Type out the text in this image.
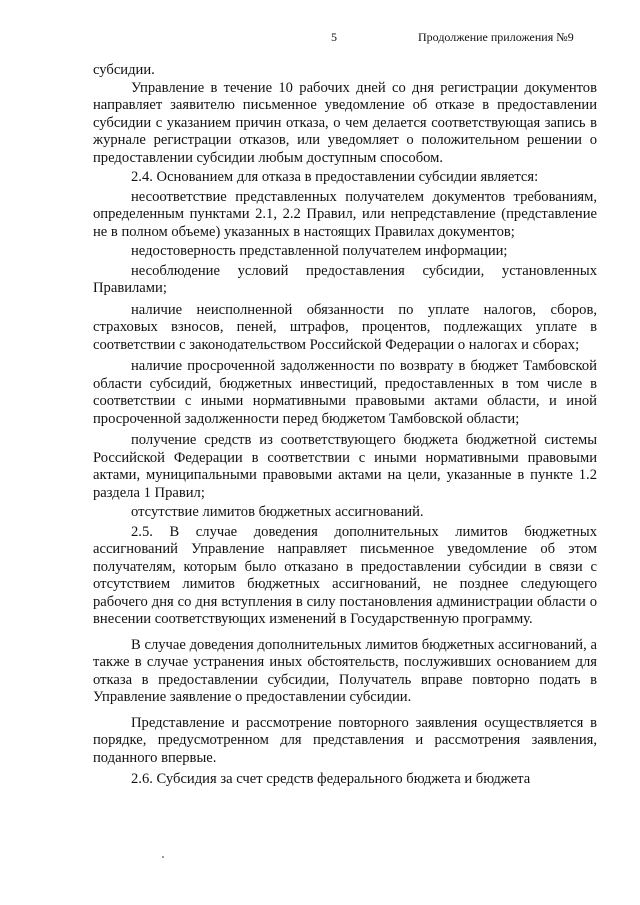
5	Продолжение приложения №9

субсидии.

Управление в течение 10 рабочих дней со дня регистрации документов направляет заявителю письменное уведомление об отказе в предоставлении субсидии с указанием причин отказа, о чем делается соответствующая запись в журнале регистрации отказов, или уведомляет о положительном решении о предоставлении субсидии любым доступным способом.

2.4. Основанием для отказа в предоставлении субсидии является:

несоответствие представленных получателем документов требованиям, определенным пунктами 2.1, 2.2 Правил, или непредставление (представление не в полном объеме) указанных в настоящих Правилах документов;

недостоверность представленной получателем информации;

несоблюдение условий предоставления субсидии, установленных Правилами;

наличие неисполненной обязанности по уплате налогов, сборов, страховых взносов, пеней, штрафов, процентов, подлежащих уплате в соответствии с законодательством Российской Федерации о налогах и сборах;

наличие просроченной задолженности по возврату в бюджет Тамбовской области субсидий, бюджетных инвестиций, предоставленных в том числе в соответствии с иными нормативными правовыми актами области, и иной просроченной задолженности перед бюджетом Тамбовской области;

получение средств из соответствующего бюджета бюджетной системы Российской Федерации в соответствии с иными нормативными правовыми актами, муниципальными правовыми актами на цели, указанные в пункте 1.2 раздела 1 Правил;

отсутствие лимитов бюджетных ассигнований.

2.5. В случае доведения дополнительных лимитов бюджетных ассигнований Управление направляет письменное уведомление об этом получателям, которым было отказано в предоставлении субсидии в связи с отсутствием лимитов бюджетных ассигнований, не позднее следующего рабочего дня со дня вступления в силу постановления администрации области о внесении соответствующих изменений в Государственную программу.

В случае доведения дополнительных лимитов бюджетных ассигнований, а также в случае устранения иных обстоятельств, послуживших основанием для отказа в предоставлении субсидии, Получатель вправе повторно подать в Управление заявление о предоставлении субсидии.

Представление и рассмотрение повторного заявления осуществляется в порядке, предусмотренном для представления и рассмотрения заявления, поданного впервые.

2.6. Субсидия за счет средств федерального бюджета и бюджета
